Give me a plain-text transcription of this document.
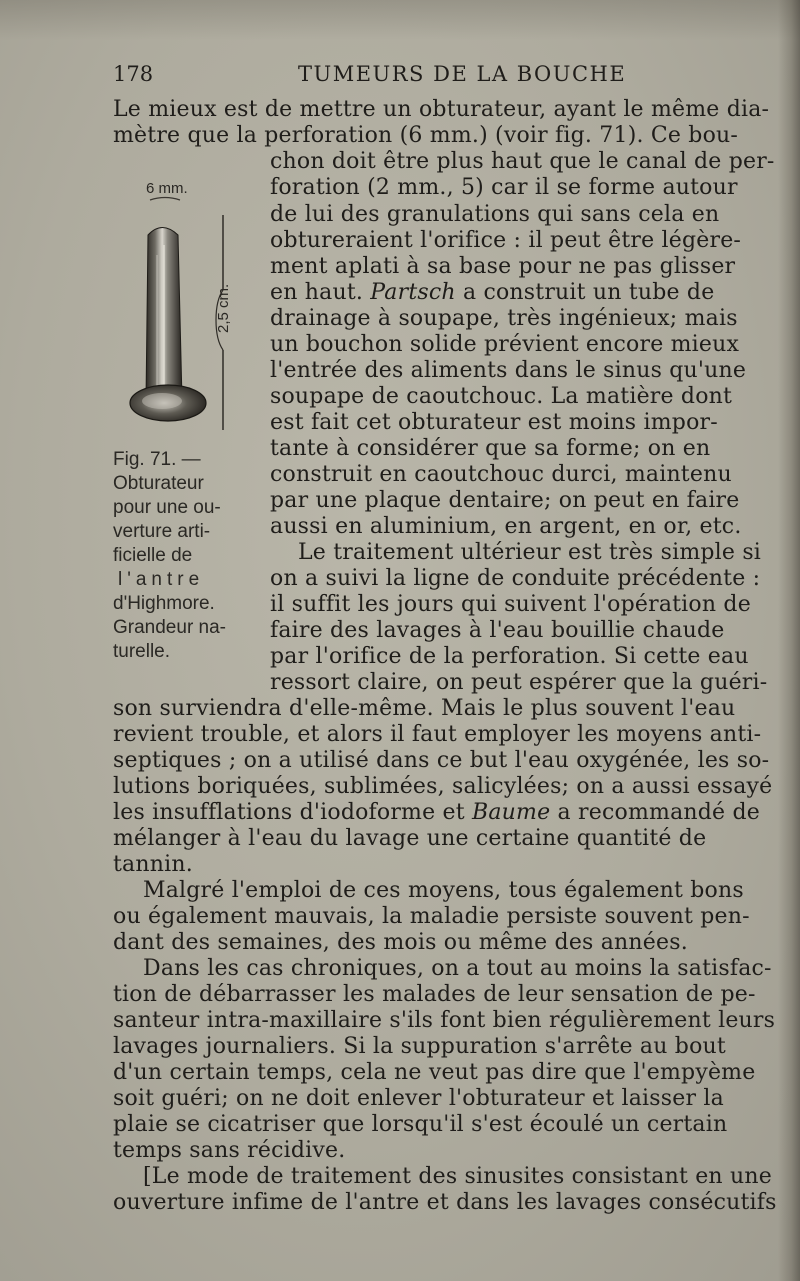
178	TUMEURS DE LA BOUCHE
Le mieux est de mettre un obturateur, ayant le même dia-
mètre que la perforation (6 mm.) (voir fig. 71). Ce bou-
6 mm.
2,5 cm.
chon doit être plus haut que le canal de per-
foration (2 mm., 5) car il se forme autour
de lui des granulations qui sans cela en
obtureraient l'orifice : il peut être légère-
ment aplati à sa base pour ne pas glisser
en haut. Partsch a construit un tube de
drainage à soupape, très ingénieux; mais
un bouchon solide prévient encore mieux
l'entrée des aliments dans le sinus qu'une
soupape de caoutchouc. La matière dont
est fait cet obturateur est moins impor-
tante à considérer que sa forme; on en
construit en caoutchouc durci, maintenu
par une plaque dentaire; on peut en faire
aussi en aluminium, en argent, en or, etc.
Le traitement ultérieur est très simple si
on a suivi la ligne de conduite précédente :
il suffit les jours qui suivent l'opération de
faire des lavages à l'eau bouillie chaude
par l'orifice de la perforation. Si cette eau
ressort claire, on peut espérer que la guéri-
Fig. 71. —
Obturateur
pour une ou-
verture arti-
ficielle de
l'antre
d'Highmore.
Grandeur na-
turelle.
son surviendra d'elle-même. Mais le plus souvent l'eau
revient trouble, et alors il faut employer les moyens anti-
septiques ; on a utilisé dans ce but l'eau oxygénée, les so-
lutions boriquées, sublimées, salicylées; on a aussi essayé
les insufflations d'iodoforme et Baume a recommandé de
mélanger à l'eau du lavage une certaine quantité de
tannin.
Malgré l'emploi de ces moyens, tous également bons
ou également mauvais, la maladie persiste souvent pen-
dant des semaines, des mois ou même des années.
Dans les cas chroniques, on a tout au moins la satisfac-
tion de débarrasser les malades de leur sensation de pe-
santeur intra-maxillaire s'ils font bien régulièrement leurs
lavages journaliers. Si la suppuration s'arrête au bout
d'un certain temps, cela ne veut pas dire que l'empyème
soit guéri; on ne doit enlever l'obturateur et laisser la
plaie se cicatriser que lorsqu'il s'est écoulé un certain
temps sans récidive.
[Le mode de traitement des sinusites consistant en une
ouverture infime de l'antre et dans les lavages consécutifs
